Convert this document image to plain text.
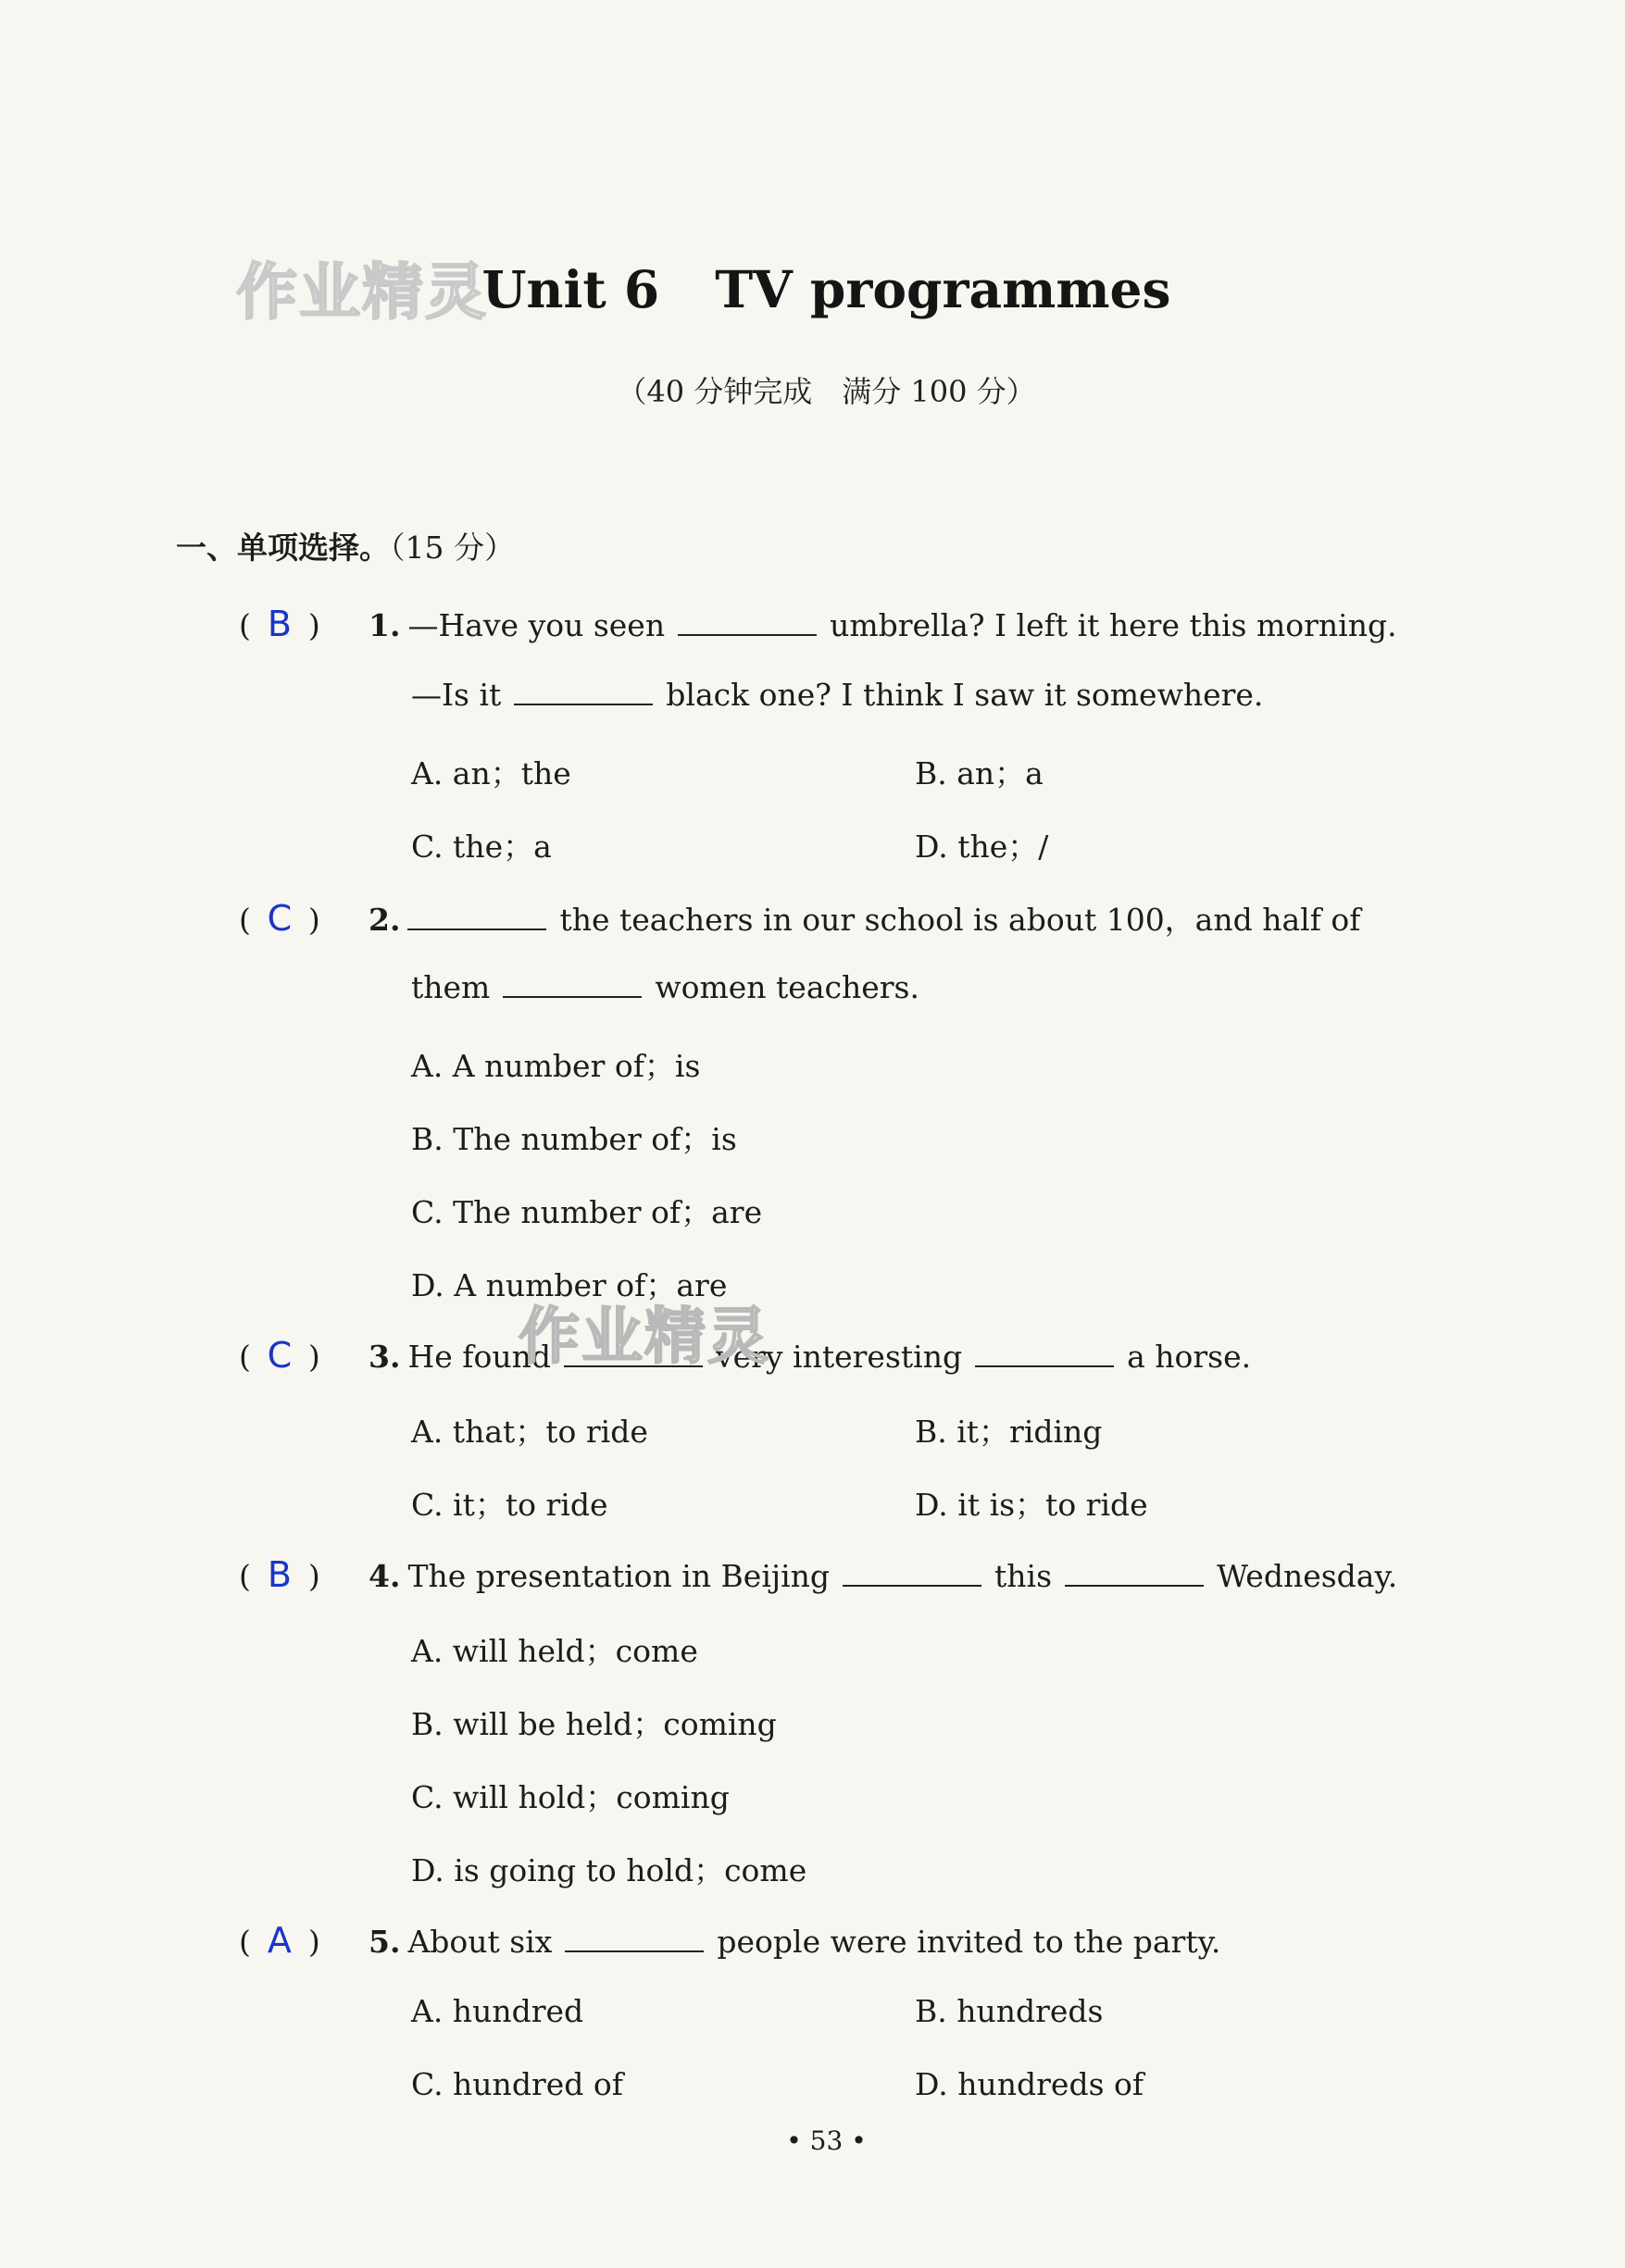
作业精灵
Unit 6 TV programmes
（40 分钟完成　满分 100 分）
一、单项选择。（15 分）
( B ) 1. —Have you seen	umbrella? I left it here this morning.
—Is it	black one? I think I saw it somewhere.
A. an；the	B. an；a
C. the；a	D. the；/
( C ) 2.	the teachers in our school is about 100，and half of
them	women teachers.
A. A number of；is
B. The number of；is
C. The number of；are
D. A number of；are
( C ) 3. He found	very interesting	a horse.
作业精灵
A. that；to ride	B. it；riding
C. it；to ride	D. it is；to ride
( B ) 4. The presentation in Beijing	this	Wednesday.
A. will held；come
B. will be held；coming
C. will hold；coming
D. is going to hold；come
( A ) 5. About six	people were invited to the party.
A. hundred	B. hundreds
C. hundred of	D. hundreds of
• 53 •
